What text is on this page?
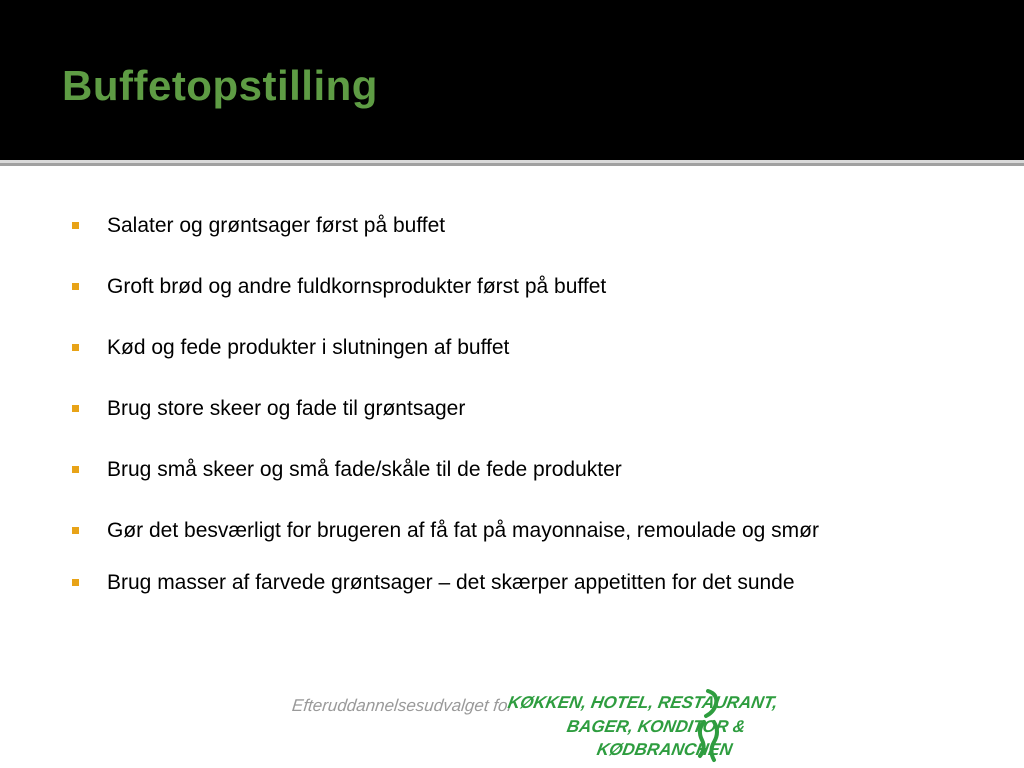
Buffetopstilling
Salater og grøntsager først på buffet
Groft brød og andre fuldkornsprodukter først på buffet
Kød og fede produkter i slutningen af buffet
Brug store skeer og fade til grøntsager
Brug små skeer og små fade/skåle til de fede produkter
Gør det besværligt for brugeren af få fat på mayonnaise, remoulade og smør
Brug masser af farvede grøntsager – det skærper appetitten for det sunde
Efteruddannelsesudvalget for
KØKKEN, HOTEL, RESTAURANT,
BAGER, KONDITOR &
KØDBRANCHEN
